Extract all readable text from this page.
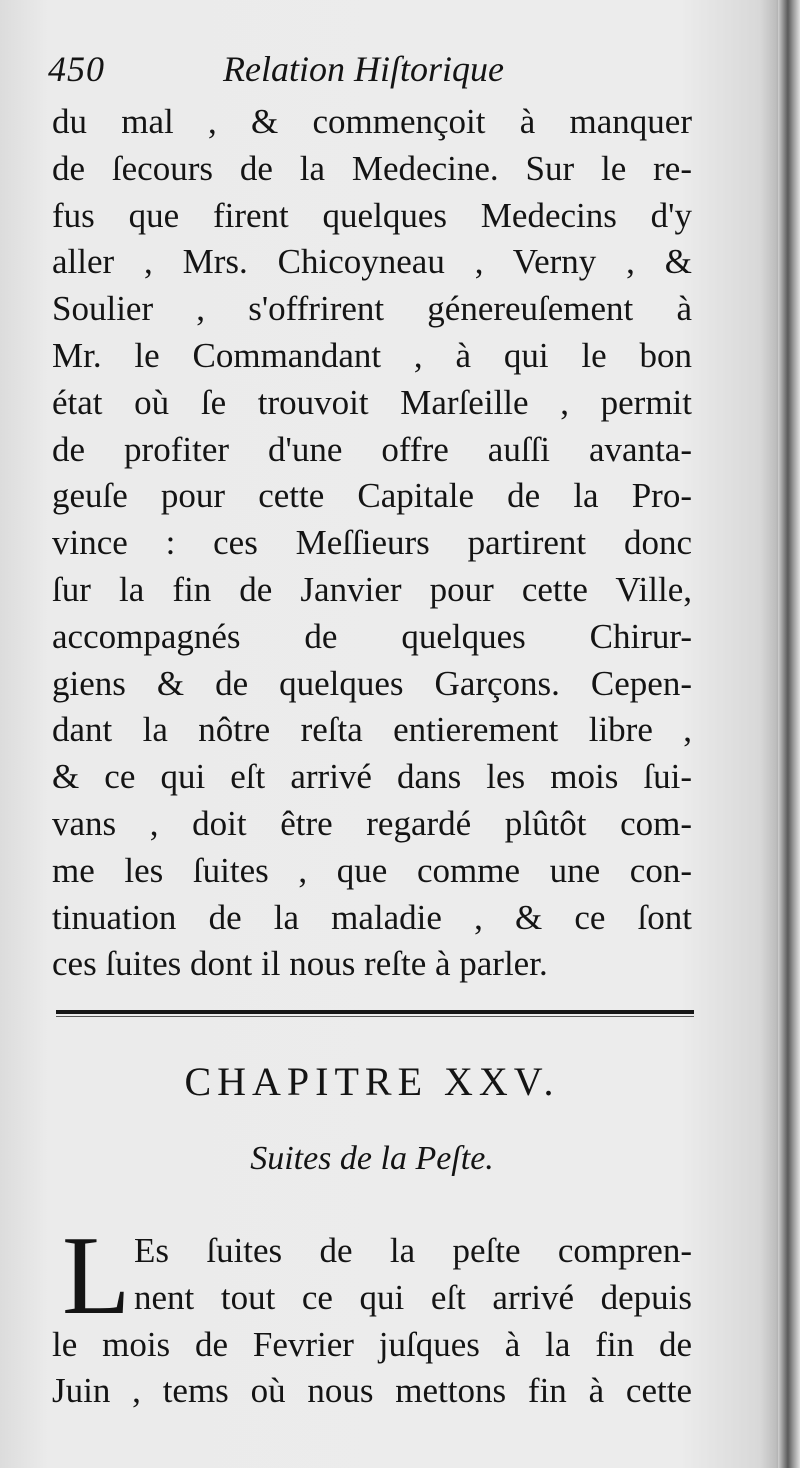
450	Relation Hiſtorique
du mal , & commençoit à manquer
de ſecours de la Medecine. Sur le re-
fus que firent quelques Medecins d'y
aller , Mrs. Chicoyneau , Verny , &
Soulier , s'offrirent génereuſement à
Mr. le Commandant , à qui le bon
état où ſe trouvoit Marſeille , permit
de profiter d'une offre auſſi avanta-
geuſe pour cette Capitale de la Pro-
vince : ces Meſſieurs partirent donc
ſur la fin de Janvier pour cette Ville,
accompagnés de quelques Chirur-
giens & de quelques Garçons. Cepen-
dant la nôtre reſta entierement libre ,
& ce qui eſt arrivé dans les mois ſui-
vans , doit être regardé plûtôt com-
me les ſuites , que comme une con-
tinuation de la maladie , & ce ſont
ces ſuites dont il nous reſte à parler.
CHAPITRE XXV.
Suites de la Peſte.
L Es ſuites de la peſte compren-
nent tout ce qui eſt arrivé depuis
le mois de Fevrier juſques à la fin de
Juin , tems où nous mettons fin à cette
